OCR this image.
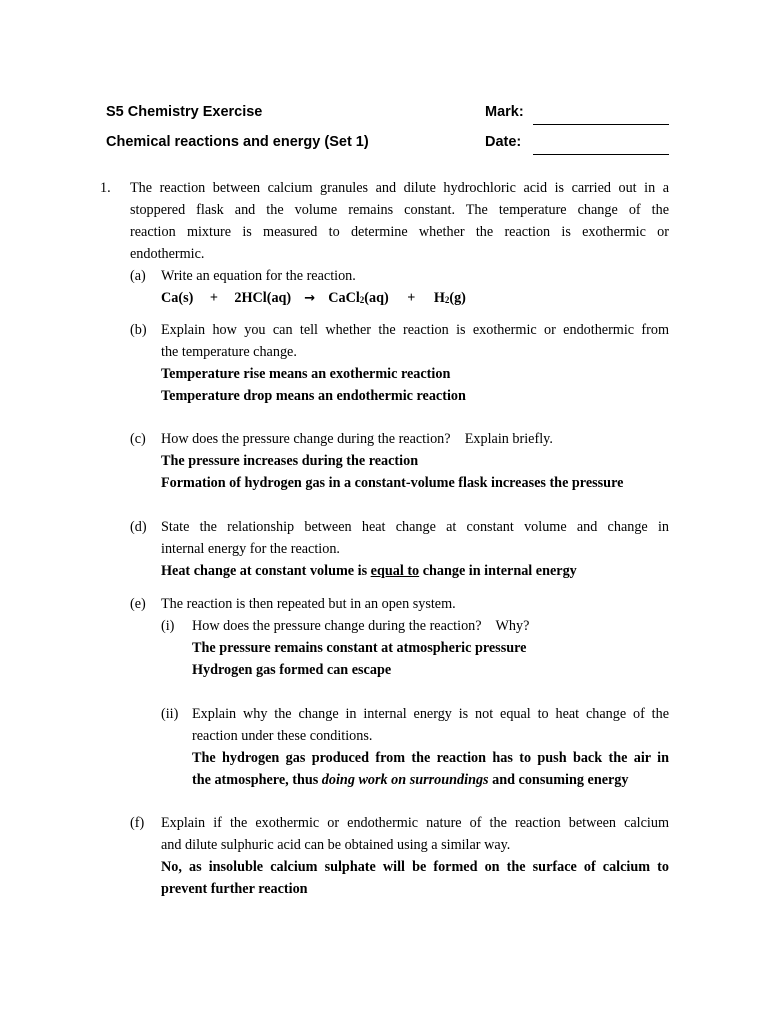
S5 Chemistry Exercise
Chemical reactions and energy (Set 1)
Mark:
Date:
1. The reaction between calcium granules and dilute hydrochloric acid is carried out in a
stoppered flask and the volume remains constant. The temperature change of the
reaction mixture is measured to determine whether the reaction is exothermic or
endothermic.
(a) Write an equation for the reaction.
Ca(s) + 2HCl(aq) → CaCl$_2$(aq) + $H_2(g)$
(b) Explain how you can tell whether the reaction is exothermic or endothermic from
the temperature change.
Temperature rise means an exothermic reaction
Temperature drop means an endothermic reaction
(c) How does the pressure change during the reaction?    Explain briefly.
The pressure increases during the reaction
Formation of hydrogen gas in a constant-volume flask increases the pressure
(d) State the relationship between heat change at constant volume and change in
internal energy for the reaction.
Heat change at constant volume is equal to change in internal energy
(e) The reaction is then repeated but in an open system.
(i) How does the pressure change during the reaction?    Why?
The pressure remains constant at atmospheric pressure
Hydrogen gas formed can escape
(ii) Explain why the change in internal energy is not equal to heat change of the
reaction under these conditions.
The hydrogen gas produced from the reaction has to push back the air in
the atmosphere, thus doing work on surroundings and consuming energy
(f) Explain if the exothermic or endothermic nature of the reaction between calcium
and dilute sulphuric acid can be obtained using a similar way.
No, as insoluble calcium sulphate will be formed on the surface of calcium to
prevent further reaction
